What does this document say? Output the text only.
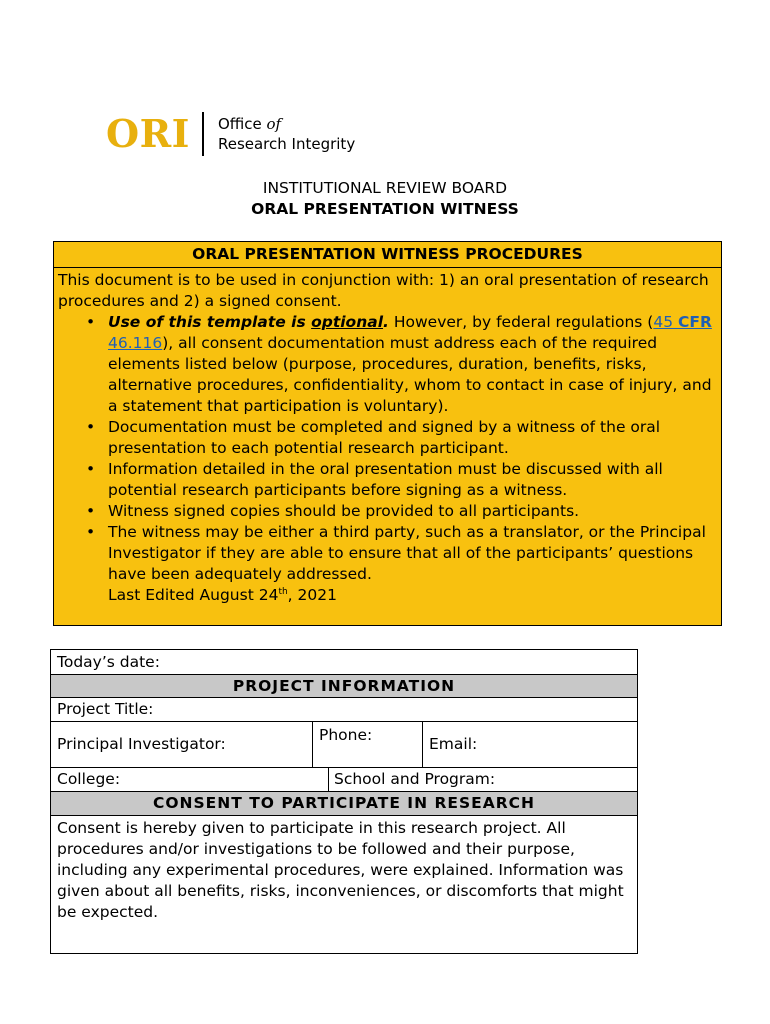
ORI Office of
Research Integrity
INSTITUTIONAL REVIEW BOARD
ORAL PRESENTATION WITNESS
ORAL PRESENTATION WITNESS PROCEDURES
This document is to be used in conjunction with: 1) an oral presentation of research procedures and 2) a signed consent.
• Use of this template is optional. However, by federal regulations (45 CFR 46.116), all consent documentation must address each of the required elements listed below (purpose, procedures, duration, benefits, risks, alternative procedures, confidentiality, whom to contact in case of injury, and a statement that participation is voluntary).
• Documentation must be completed and signed by a witness of the oral presentation to each potential research participant.
• Information detailed in the oral presentation must be discussed with all potential research participants before signing as a witness.
• Witness signed copies should be provided to all participants.
• The witness may be either a third party, such as a translator, or the Principal Investigator if they are able to ensure that all of the participants’ questions have been adequately addressed.
Last Edited August 24th, 2021
Today’s date:
PROJECT INFORMATION
Project Title:
Principal Investigator:	Phone:	Email:
College:	School and Program:
CONSENT TO PARTICIPATE IN RESEARCH
Consent is hereby given to participate in this research project. All procedures and/or investigations to be followed and their purpose, including any experimental procedures, were explained. Information was given about all benefits, risks, inconveniences, or discomforts that might be expected.
